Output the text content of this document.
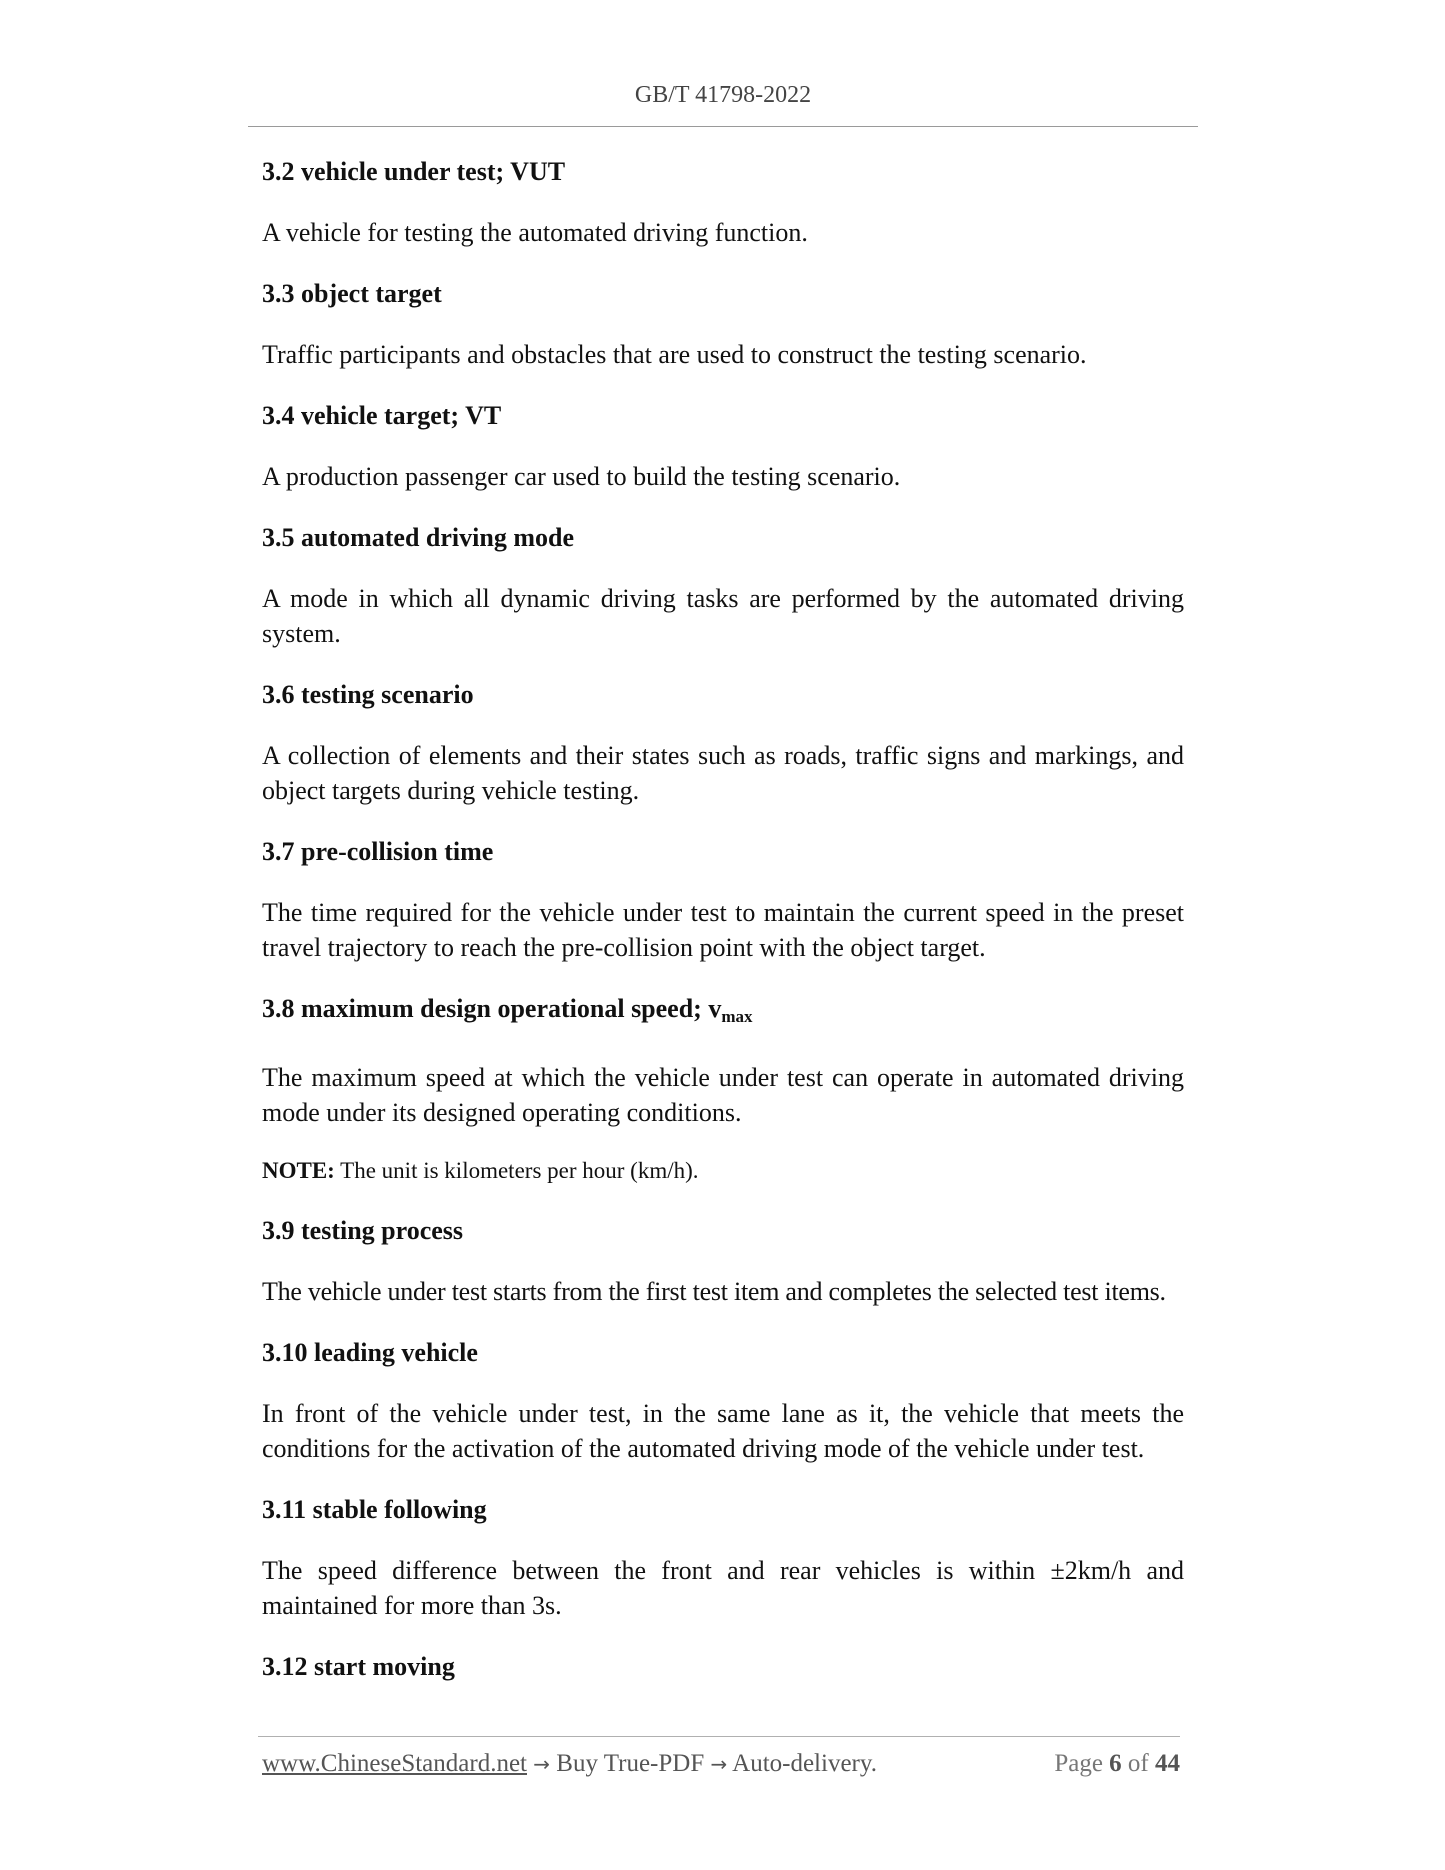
GB/T 41798-2022
3.2 vehicle under test; VUT
A vehicle for testing the automated driving function.
3.3 object target
Traffic participants and obstacles that are used to construct the testing scenario.
3.4 vehicle target; VT
A production passenger car used to build the testing scenario.
3.5 automated driving mode
A mode in which all dynamic driving tasks are performed by the automated driving system.
3.6 testing scenario
A collection of elements and their states such as roads, traffic signs and markings, and object targets during vehicle testing.
3.7 pre-collision time
The time required for the vehicle under test to maintain the current speed in the preset travel trajectory to reach the pre-collision point with the object target.
3.8 maximum design operational speed; $v_{max}$
The maximum speed at which the vehicle under test can operate in automated driving mode under its designed operating conditions.
NOTE: The unit is kilometers per hour (km/h).
3.9 testing process
The vehicle under test starts from the first test item and completes the selected test items.
3.10 leading vehicle
In front of the vehicle under test, in the same lane as it, the vehicle that meets the conditions for the activation of the automated driving mode of the vehicle under test.
3.11 stable following
The speed difference between the front and rear vehicles is within ±2km/h and maintained for more than 3s.
3.12 start moving
www.ChineseStandard.net → Buy True-PDF → Auto-delivery.	Page 6 of 44
